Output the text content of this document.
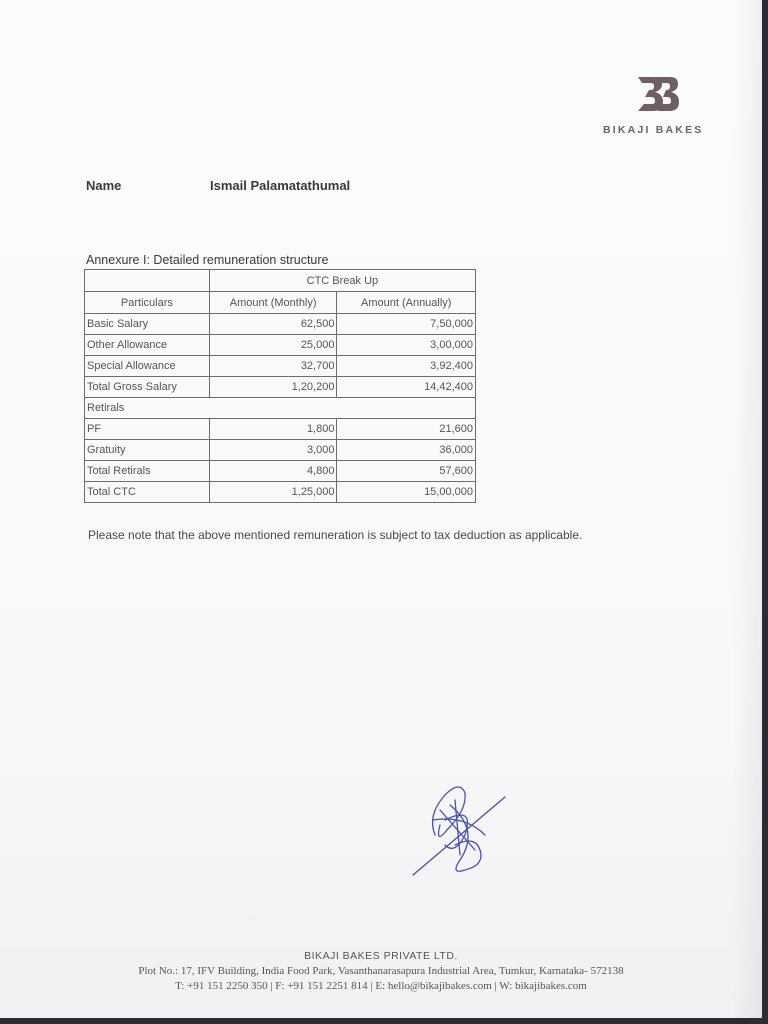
BIKAJI BAKES
Name	Ismail Palamatathumal
Annexure I: Detailed remuneration structure
	CTC Break Up	
Particulars	Amount (Monthly)	Amount (Annually)
Basic Salary	62,500	7,50,000
Other Allowance	25,000	3,00,000
Special Allowance	32,700	3,92,400
Total Gross Salary	1,20,200	14,42,400
Retirals		
PF	1,800	21,600
Gratuity	3,000	36,000
Total Retirals	4,800	57,600
Total CTC	1,25,000	15,00,000
Please note that the above mentioned remuneration is subject to tax deduction as applicable.
BIKAJI BAKES PRIVATE LTD.
Plot No.: 17, IFV Building, India Food Park, Vasanthanarasapura Industrial Area, Tumkur, Karnataka- 572138
T: +91 151 2250 350 | F: +91 151 2251 814 | E: hello@bikajibakes.com | W: bikajibakes.com
